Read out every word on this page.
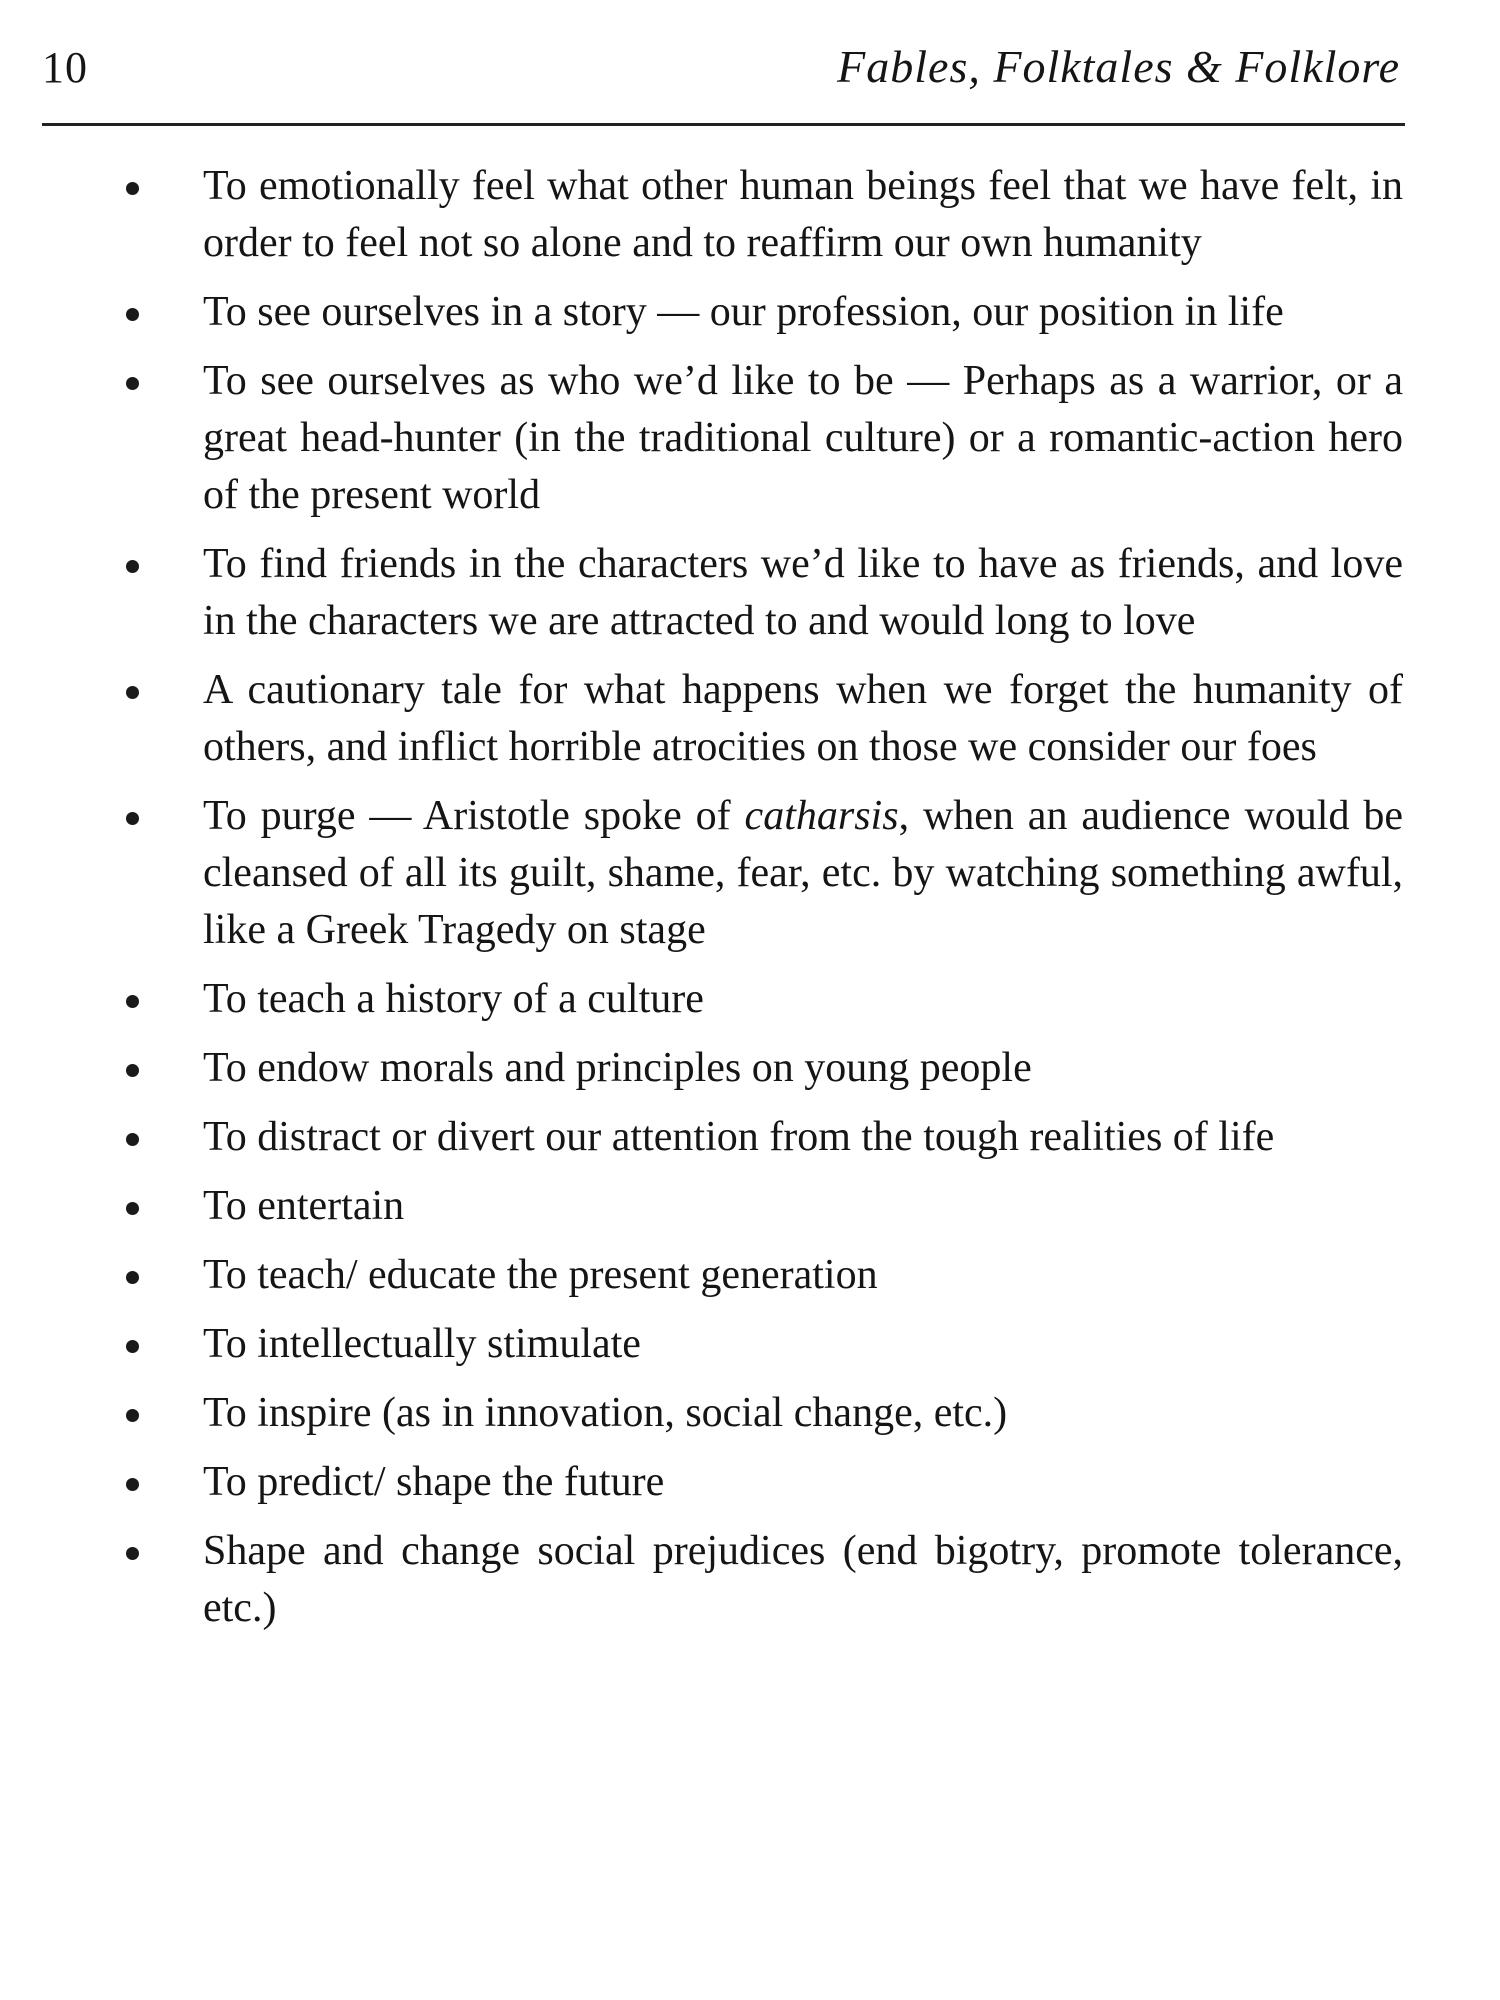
10	Fables, Folktales & Folklore
To emotionally feel what other human beings feel that we have felt, in order to feel not so alone and to reaffirm our own humanity
To see ourselves in a story — our profession, our position in life
To see ourselves as who we’d like to be — Perhaps as a warrior, or a great head-hunter (in the traditional culture) or a romantic-action hero of the present world
To find friends in the characters we’d like to have as friends, and love in the characters we are attracted to and would long to love
A cautionary tale for what happens when we forget the humanity of others, and inflict horrible atrocities on those we consider our foes
To purge — Aristotle spoke of catharsis, when an audience would be cleansed of all its guilt, shame, fear, etc. by watching something awful, like a Greek Tragedy on stage
To teach a history of a culture
To endow morals and principles on young people
To distract or divert our attention from the tough realities of life
To entertain
To teach/ educate the present generation
To intellectually stimulate
To inspire (as in innovation, social change, etc.)
To predict/ shape the future
Shape and change social prejudices (end bigotry, promote tolerance, etc.)
